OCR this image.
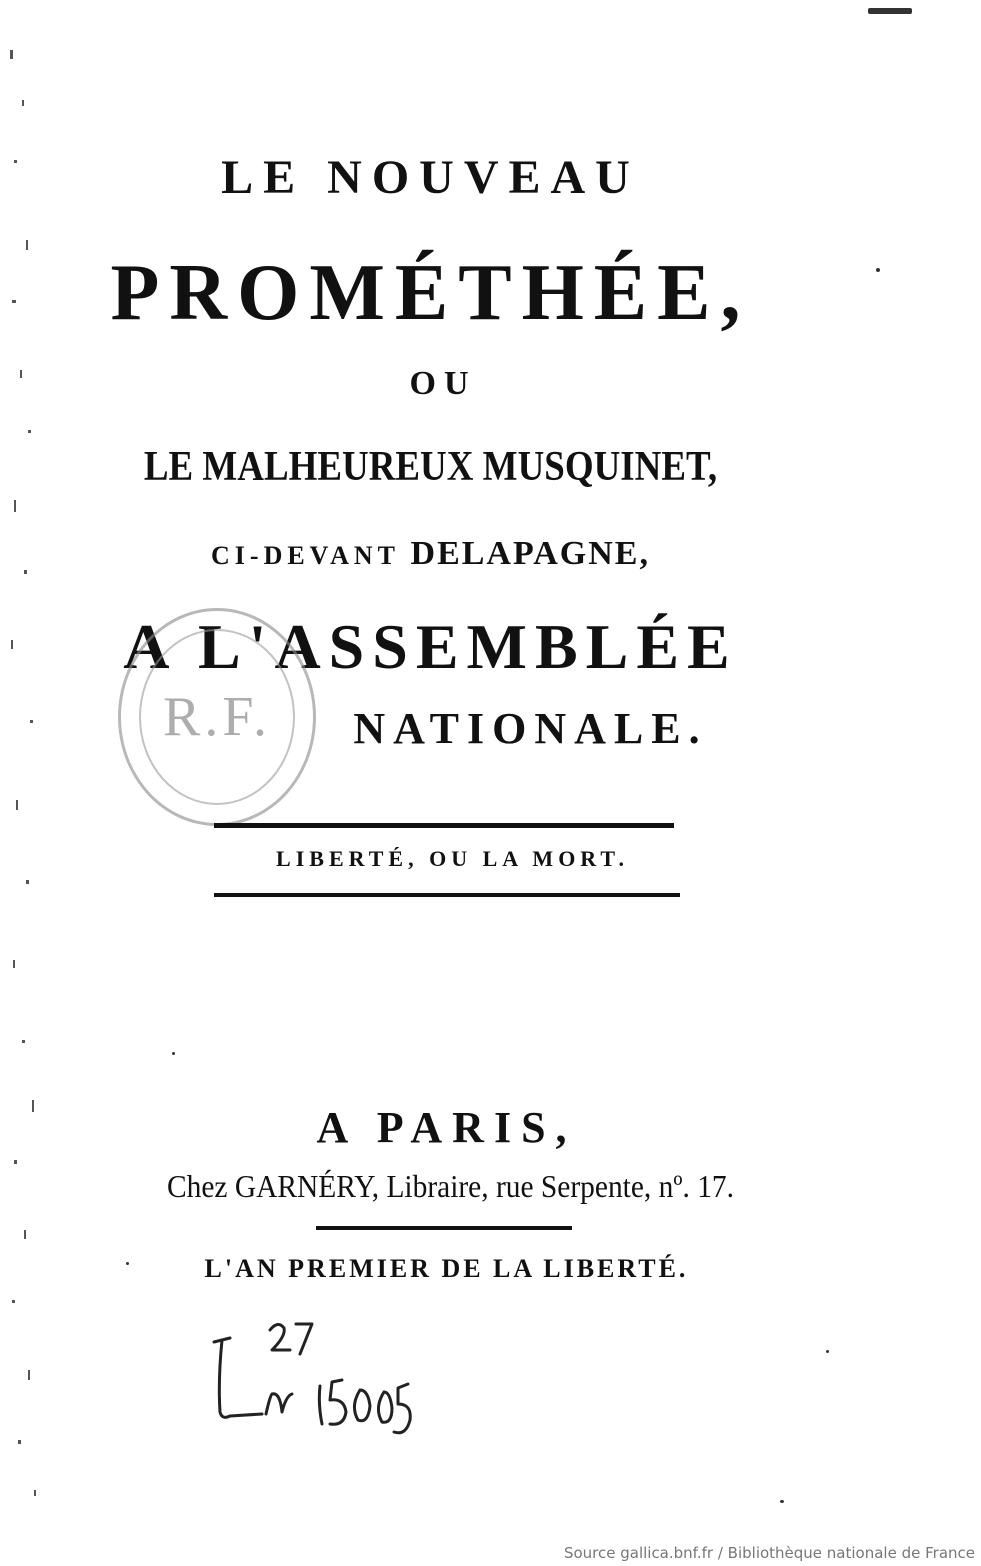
LE NOUVEAU
PROMÉTHÉE,
OU
LE MALHEUREUX MUSQUINET,
CI-DEVANT DELAPAGNE,
A L'ASSEMBLÉE
R.F.	NATIONALE.
LIBERTÉ, OU LA MORT.
A PARIS,
Chez GARNÉRY, Libraire, rue Serpente, nº. 17.
L'AN PREMIER DE LA LIBERTÉ.
Source gallica.bnf.fr / Bibliothèque nationale de France
